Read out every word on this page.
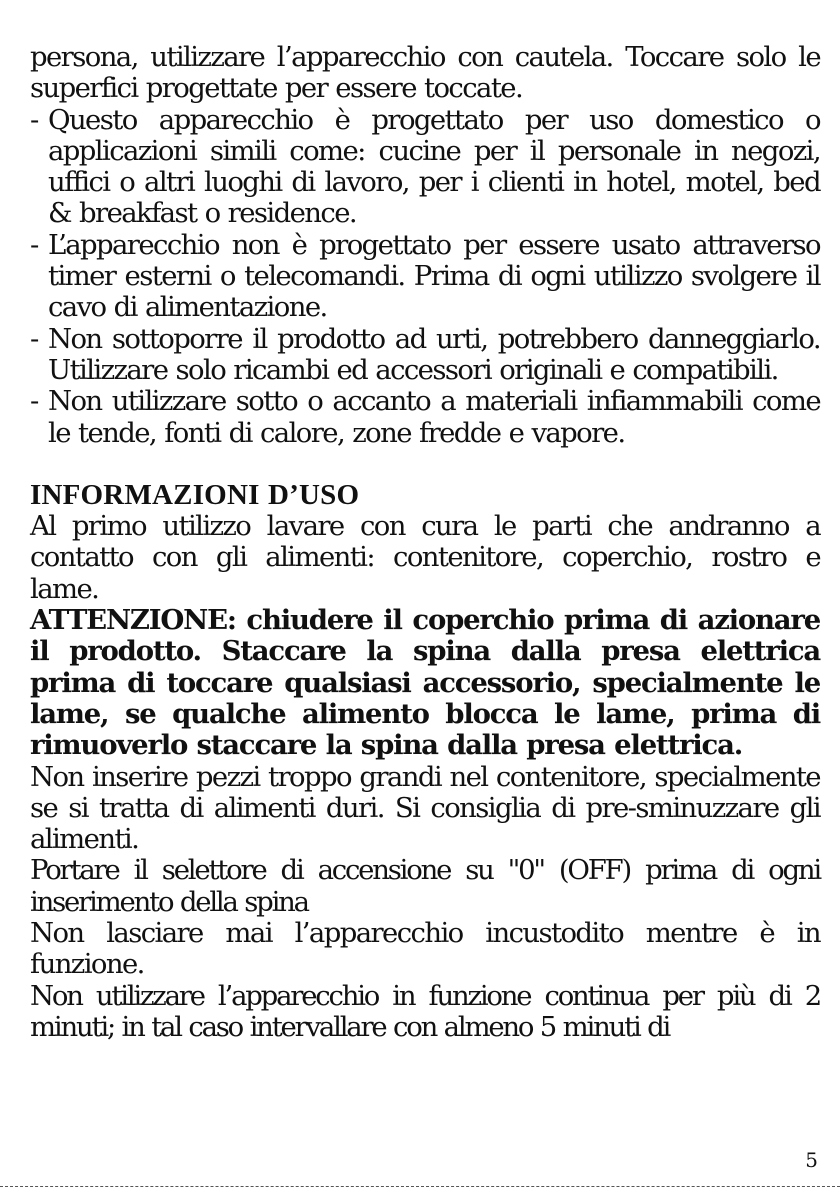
persona, utilizzare l’apparecchio con cautela. Toccare solo le superfici progettate per essere toccate.

- Questo apparecchio è progettato per uso domestico o applicazioni simili come: cucine per il personale in negozi, uffici o altri luoghi di lavoro, per i clienti in hotel, motel, bed & breakfast o residence.
- L’apparecchio non è progettato per essere usato attraverso timer esterni o telecomandi. Prima di ogni utilizzo svolgere il cavo di alimentazione.
- Non sottoporre il prodotto ad urti, potrebbero danneggiarlo. Utilizzare solo ricambi ed accessori originali e compatibili.
- Non utilizzare sotto o accanto a materiali infiammabili come le tende, fonti di calore, zone fredde e vapore.
INFORMAZIONI D’USO

Al primo utilizzo lavare con cura le parti che andranno a contatto con gli alimenti: contenitore, coperchio, rostro e lame.

ATTENZIONE: chiudere il coperchio prima di azionare il prodotto. Staccare la spina dalla presa elettrica prima di toccare qualsiasi accessorio, specialmente le lame, se qualche alimento blocca le lame, prima di rimuoverlo staccare la spina dalla presa elettrica.

Non inserire pezzi troppo grandi nel contenitore, specialmente se si tratta di alimenti duri. Si consiglia di pre-sminuzzare gli alimenti.

Portare il selettore di accensione su "0" (OFF) prima di ogni inserimento della spina

Non lasciare mai l’apparecchio incustodito mentre è in funzione.

Non utilizzare l’apparecchio in funzione continua per più di 2 minuti; in tal caso intervallare con almeno 5 minuti di

5
